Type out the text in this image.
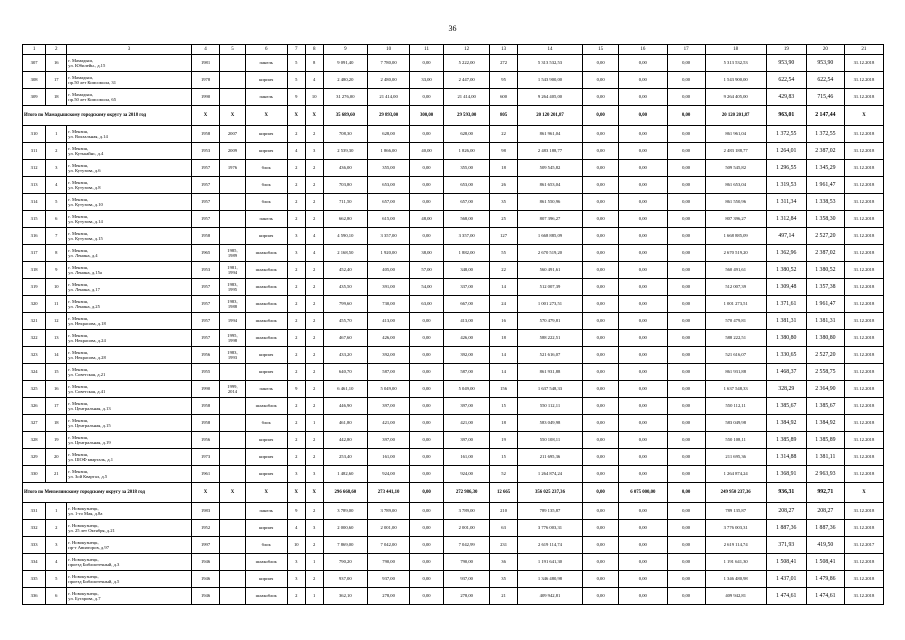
36
1	2	3	4	5	6	7	8	9	10	11	12	13	14	15	16	17	18	19	20	21
307	16	г. Мамадыш,
ул. Юбилейн., д.15	1981		панель	5	8	9 091,40	7 780,00	0,00	5 222,00	272	5 313 532,53	0,00	0,00	0,00	5 313 532,53	953,90	953,90	31.12.2018
308	17	г. Мамадыш,
пр.50 лет Комсомола, 31	1978		кирпич	5	4	2 480,20	2 480,00	33,00	2 447,00	95	1 543 900,00	0,00	0,00	0,00	1 543 900,00	622,54	622,54	31.12.2018
309	18	г. Мамадыш,
пр.50 лет Комсомола, 65	1990		панель	9	10	31 276,00	21 414,00	0,00	21 414,00	600	9 264 405,00	0,00	0,00	0,00	9 264 405,00	429,83	715,46	31.12.2018
Итого по Мамадышскому городскому округу за 2018 год			X	X	X	X	X	35 689,60	29 893,00	300,00	29 593,00	805	20 120 201,87	0,00	0,00	0,00	20 120 201,87	963,01	2 147,44	X
310	1	г. Мензия,
ул. Вокзальная, д.14	1958	2007	кирпич	2	2	708,30	628,00	0,00	628,00	22	861 961,04	0,00	0,00	0,00	861 961,04	1 372,55	1 372,55	31.12.2018
311	2	г. Мензия,
ул. Кутькайнс, д.4	1953	2009	кирпич	4	3	2 539,30	1 866,00	40,00	1 826,00	98	2 483 188,77	0,00	0,00	0,00	2 483 188,77	1 264,01	2 387,02	31.12.2018
312	3	г. Мензия,
ул. Кутузова, д.6	1957	1976	блок	2	2	436,00	355,00	0,00	355,00	18	509 545,82	0,00	0,00	0,00	509 545,82	1 296,55	1 345,29	31.12.2018
313	4	г. Мензия,
ул. Кутузова, д.8	1957		блок	2	2	703,80	653,00	0,00	653,00	26	861 653,04	0,00	0,00	0,00	861 653,04	1 319,53	1 961,47	31.12.2018
314	5	г. Мензия,
ул. Кутузова, д.10	1957		блок	2	2	711,50	657,00	0,00	657,00	35	861 550,96	0,00	0,00	0,00	861 550,96	1 311,34	1 338,53	31.12.2018
315	6	г. Мензия,
ул. Кутузова, д.14	1957		панель	2	2	662,80	615,00	48,00	568,00	25	807 396,27	0,00	0,00	0,00	807 396,27	1 312,84	1 358,30	31.12.2018
316	7	г. Мензия,
ул. Кутузова, д.15	1958		кирпич	3	4	4 590,10	3 357,00	0,00	3 357,00	127	1 668 885,09	0,00	0,00	0,00	1 668 885,09	497,14	2 527,20	31.12.2018
317	8	г. Мензия,
ул. Ленина, д.4	1965	1985,
1989	шлакоблок	3	4	2 168,50	1 920,00	38,00	1 882,00	55	2 670 519,20	0,00	0,00	0,00	2 670 519,20	1 362,96	2 387,02	31.12.2018
318	9	г. Мензия,
ул. Ленина, д.15а	1953	1981,
1994	шлакоблок	2	2	452,40	405,00	57,00	348,00	22	560 491,61	0,00	0,00	0,00	560 491,61	1 380,52	1 380,52	31.12.2018
319	10	г. Мензия,
ул. Ленина, д.17	1957	1983,
1995	шлакоблок	2	2	435,50	391,00	54,00	337,00	14	512 007,39	0,00	0,00	0,00	512 007,39	1 309,48	1 357,38	31.12.2018
320	11	г. Мензия,
ул. Ленина, д.25	1957	1983,
1988	шлакоблок	2	2	799,60	730,00	63,00	667,00	24	1 001 273,51	0,00	0,00	0,00	1 001 273,51	1 371,61	1 961,47	31.12.2018
321	12	г. Мензия,
ул. Некрасова, д.18	1957	1994	шлакоблок	2	2	455,70	413,00	0,00	413,00	16	570 479,81	0,00	0,00	0,00	570 479,81	1 381,31	1 381,31	31.12.2018
322	13	г. Мензия,
ул. Некрасова, д.24	1957	1995,
1998	шлакоблок	2	2	467,60	426,00	0,00	426,00	18	588 222,51	0,00	0,00	0,00	588 222,51	1 380,80	1 380,80	31.12.2018
323	14	г. Мензия,
ул. Некрасова, д.28	1956	1983,
1993	кирпич	2	2	433,20	392,00	0,00	392,00	14	521 616,07	0,00	0,00	0,00	521 616,07	1 330,65	2 527,20	31.12.2018
324	15	г. Мензия,
ул. Советская, д.21	1955		кирпич	2	2	640,70	587,00	0,00	587,00	14	861 931,88	0,00	0,00	0,00	861 931,88	1 468,37	2 558,75	31.12.2018
325	16	г. Мензия,
ул. Советская, д.41	1990	1999,
2014	панель	9	2	6 461,10	5 049,00	0,00	5 049,00	156	1 637 548,33	0,00	0,00	0,00	1 637 548,33	328,29	2 364,90	31.12.2018
326	17	г. Мензия,
ул. Центральная, д.13	1958		шлакоблок	2	2	446,90	397,00	0,00	397,00	15	550 112,11	0,00	0,00	0,00	550 112,11	1 385,67	1 385,67	31.12.2018
327	18	г. Мензия,
ул. Центральная, д.15	1958		блок	2	1	461,80	421,00	0,00	421,00	18	583 049,98	0,00	0,00	0,00	583 049,98	1 384,92	1 384,92	31.12.2018
328	19	г. Мензия,
ул. Центральная, д.19	1956		кирпич	2	2	442,80	397,00	0,00	397,00	19	550 108,11	0,00	0,00	0,00	550 108,11	1 385,89	1 385,89	31.12.2018
329	20	г. Мензия,
ул. ШОФ кварталь, д.1	1973		кирпич	2	2	253,40	161,00	0,00	161,00	15	211 695,36	0,00	0,00	0,00	211 695,36	1 314,88	1 381,11	31.12.2018
330	21	г. Мензия,
ул. Зой Квартал, д.5	1961		кирпич	3	3	1 482,60	924,00	0,00	924,00	52	1 264 874,24	0,00	0,00	0,00	1 264 874,24	1 368,91	2 963,93	31.12.2018
Итого по Мензелинскому городскому округу за 2018 год			X	X	X	X	X	296 668,60	273 441,10	0,00	272 986,30	12 665	356 025 237,36	0,00	6 075 000,00	0,00	249 950 237,36	936,31	992,71	X
331	1	г. Новокузнецк,
ул. 1-го Мая, д.8а	1983		панель	9	2	3 789,00	3 789,00	0,00	3 789,00	210	789 135,87	0,00	0,00	0,00	789 135,87	208,27	208,27	31.12.2018
332	2	г. Новокузнецк,
ул. 25 лет Октября, д.21	1952		кирпич	4	3	2 000,60	2 001,00	0,00	2 001,00	63	3 776 003,31	0,00	0,00	0,00	3 776 003,31	1 887,36	1 887,36	31.12.2018
333	3	г. Новокузнецк,
пр-т Авиаторов, д.97	1997		блок	10	2	7 869,00	7 042,00	0,00	7 042,99	231	2 619 114,74	0,00	0,00	0,00	2 619 114,74	371,93	419,50	31.12.2017
334	4	г. Новокузнецк,
проезд Библиотечный, д.3	1946		шлакоблок	3	1	790,20	790,00	0,00	790,00	36	1 191 641,30	0,00	0,00	0,00	1 191 641,30	1 508,41	1 508,41	31.12.2018
335	5	г. Новокузнецк,
проезд Библиотечный, д.5	1946		кирпич	3	2	937,00	937,00	0,00	937,00	35	1 346 480,98	0,00	0,00	0,00	1 346 480,98	1 437,01	1 479,86	31.12.2018
336	6	г. Новокузнецк,
ул. Бугарова, д.7	1946		шлакоблок	2	1	362,10	278,00	0,00	278,00	21	409 942,81	0,00	0,00	0,00	409 942,81	1 474,61	1 474,61	31.12.2018
